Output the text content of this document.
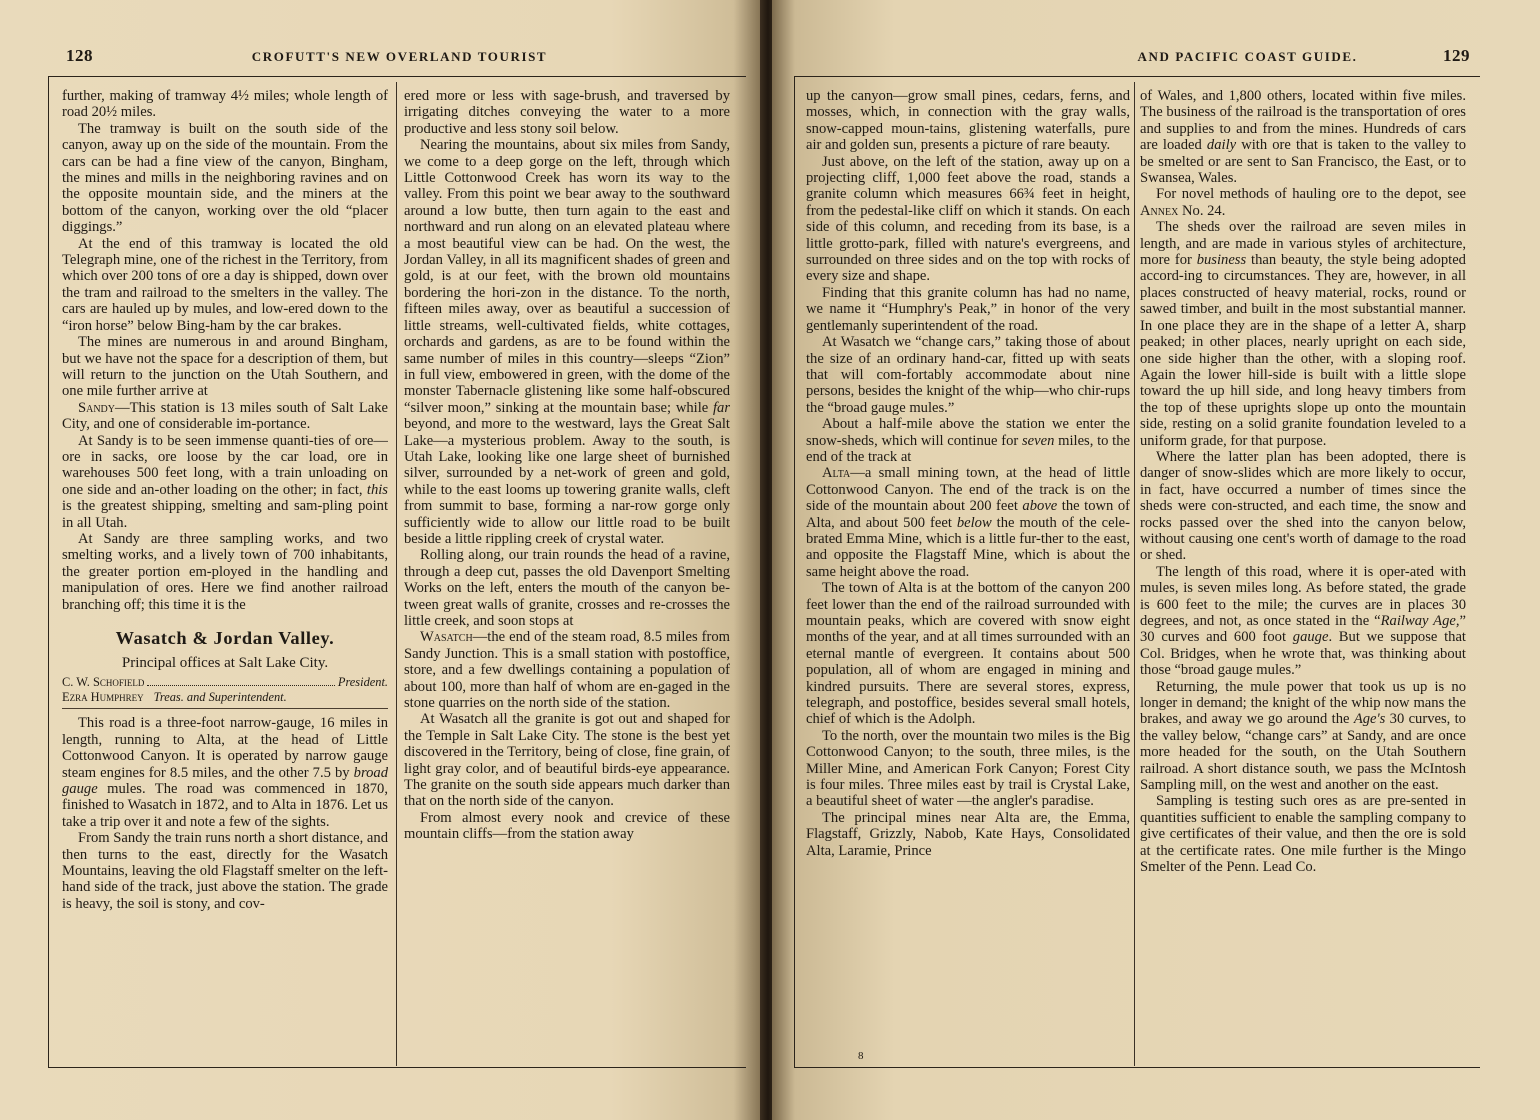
128	CROFUTT'S NEW OVERLAND TOURIST

further, making of tramway 4½ miles; whole length of road 20½ miles.

The tramway is built on the south side of the canyon, away up on the side of the mountain. From the cars can be had a fine view of the canyon, Bingham, the mines and mills in the neighboring ravines and on the opposite mountain side, and the miners at the bottom of the canyon, working over the old “placer diggings.”

At the end of this tramway is located the old Telegraph mine, one of the richest in the Territory, from which over 200 tons of ore a day is shipped, down over the tram and railroad to the smelters in the valley. The cars are hauled up by mules, and low-ered down to the “iron horse” below Bing-ham by the car brakes.

The mines are numerous in and around Bingham, but we have not the space for a description of them, but will return to the junction on the Utah Southern, and one mile further arrive at

Sandy—This station is 13 miles south of Salt Lake City, and one of considerable im-portance.

At Sandy is to be seen immense quanti-ties of ore—ore in sacks, ore loose by the car load, ore in warehouses 500 feet long, with a train unloading on one side and an-other loading on the other; in fact, this is the greatest shipping, smelting and sam-pling point in all Utah.

At Sandy are three sampling works, and two smelting works, and a lively town of 700 inhabitants, the greater portion em-ployed in the handling and manipulation of ores. Here we find another railroad branching off; this time it is the

Wasatch & Jordan Valley.
Principal offices at Salt Lake City.
C. W. Schofield	President.
Ezra Humphrey Treas. and Superintendent.

This road is a three-foot narrow-gauge, 16 miles in length, running to Alta, at the head of Little Cottonwood Canyon. It is operated by narrow gauge steam engines for 8.5 miles, and the other 7.5 by broad gauge mules. The road was commenced in 1870, finished to Wasatch in 1872, and to Alta in 1876. Let us take a trip over it and note a few of the sights.

From Sandy the train runs north a short distance, and then turns to the east, directly for the Wasatch Mountains, leaving the old Flagstaff smelter on the left-hand side of the track, just above the station. The grade is heavy, the soil is stony, and cov-

ered more or less with sage-brush, and traversed by irrigating ditches conveying the water to a more productive and less stony soil below.

Nearing the mountains, about six miles from Sandy, we come to a deep gorge on the left, through which Little Cottonwood Creek has worn its way to the valley. From this point we bear away to the southward around a low butte, then turn again to the east and northward and run along on an elevated plateau where a most beautiful view can be had. On the west, the Jordan Valley, in all its magnificent shades of green and gold, is at our feet, with the brown old mountains bordering the hori-zon in the distance. To the north, fifteen miles away, over as beautiful a succession of little streams, well-cultivated fields, white cottages, orchards and gardens, as are to be found within the same number of miles in this country—sleeps “Zion” in full view, embowered in green, with the dome of the monster Tabernacle glistening like some half-obscured “silver moon,” sinking at the mountain base; while far beyond, and more to the westward, lays the Great Salt Lake—a mysterious problem. Away to the south, is Utah Lake, looking like one large sheet of burnished silver, surrounded by a net-work of green and gold, while to the east looms up towering granite walls, cleft from summit to base, forming a nar-row gorge only sufficiently wide to allow our little road to be built beside a little rippling creek of crystal water.

Rolling along, our train rounds the head of a ravine, through a deep cut, passes the old Davenport Smelting Works on the left, enters the mouth of the canyon be-tween great walls of granite, crosses and re-crosses the little creek, and soon stops at

Wasatch—the end of the steam road, 8.5 miles from Sandy Junction. This is a small station with postoffice, store, and a few dwellings containing a population of about 100, more than half of whom are en-gaged in the stone quarries on the north side of the station.

At Wasatch all the granite is got out and shaped for the Temple in Salt Lake City. The stone is the best yet discovered in the Territory, being of close, fine grain, of light gray color, and of beautiful birds-eye appearance. The granite on the south side appears much darker than that on the north side of the canyon.

From almost every nook and crevice of these mountain cliffs—from the station away

AND PACIFIC COAST GUIDE.	129

up the canyon—grow small pines, cedars, ferns, and mosses, which, in connection with the gray walls, snow-capped moun-tains, glistening waterfalls, pure air and golden sun, presents a picture of rare beauty.

Just above, on the left of the station, away up on a projecting cliff, 1,000 feet above the road, stands a granite column which measures 66¾ feet in height, from the pedestal-like cliff on which it stands. On each side of this column, and receding from its base, is a little grotto-park, filled with nature's evergreens, and surrounded on three sides and on the top with rocks of every size and shape.

Finding that this granite column has had no name, we name it “Humphry's Peak,” in honor of the very gentlemanly superintendent of the road.

At Wasatch we “change cars,” taking those of about the size of an ordinary hand-car, fitted up with seats that will com-fortably accommodate about nine persons, besides the knight of the whip—who chir-rups the “broad gauge mules.”

About a half-mile above the station we enter the snow-sheds, which will continue for seven miles, to the end of the track at

Alta—a small mining town, at the head of little Cottonwood Canyon. The end of the track is on the side of the mountain about 200 feet above the town of Alta, and about 500 feet below the mouth of the cele-brated Emma Mine, which is a little fur-ther to the east, and opposite the Flagstaff Mine, which is about the same height above the road.

The town of Alta is at the bottom of the canyon 200 feet lower than the end of the railroad surrounded with mountain peaks, which are covered with snow eight months of the year, and at all times surrounded with an eternal mantle of evergreen. It contains about 500 population, all of whom are engaged in mining and kindred pursuits. There are several stores, express, telegraph, and postoffice, besides several small hotels, chief of which is the Adolph.

To the north, over the mountain two miles is the Big Cottonwood Canyon; to the south, three miles, is the Miller Mine, and American Fork Canyon; Forest City is four miles. Three miles east by trail is Crystal Lake, a beautiful sheet of water —the angler's paradise.

The principal mines near Alta are, the Emma, Flagstaff, Grizzly, Nabob, Kate Hays, Consolidated Alta, Laramie, Prince

of Wales, and 1,800 others, located within five miles. The business of the railroad is the transportation of ores and supplies to and from the mines. Hundreds of cars are loaded daily with ore that is taken to the valley to be smelted or are sent to San Francisco, the East, or to Swansea, Wales.

For novel methods of hauling ore to the depot, see Annex No. 24.

The sheds over the railroad are seven miles in length, and are made in various styles of architecture, more for business than beauty, the style being adopted accord-ing to circumstances. They are, however, in all places constructed of heavy material, rocks, round or sawed timber, and built in the most substantial manner. In one place they are in the shape of a letter A, sharp peaked; in other places, nearly upright on each side, one side higher than the other, with a sloping roof. Again the lower hill-side is built with a little slope toward the up hill side, and long heavy timbers from the top of these uprights slope up onto the mountain side, resting on a solid granite foundation leveled to a uniform grade, for that purpose.

Where the latter plan has been adopted, there is danger of snow-slides which are more likely to occur, in fact, have occurred a number of times since the sheds were con-structed, and each time, the snow and rocks passed over the shed into the canyon below, without causing one cent's worth of damage to the road or shed.

The length of this road, where it is oper-ated with mules, is seven miles long. As before stated, the grade is 600 feet to the mile; the curves are in places 30 degrees, and not, as once stated in the “Railway Age,” 30 curves and 600 foot gauge. But we suppose that Col. Bridges, when he wrote that, was thinking about those “broad gauge mules.”

Returning, the mule power that took us up is no longer in demand; the knight of the whip now mans the brakes, and away we go around the Age's 30 curves, to the valley below, “change cars” at Sandy, and are once more headed for the south, on the Utah Southern railroad. A short distance south, we pass the McIntosh Sampling mill, on the west and another on the east.

Sampling is testing such ores as are pre-sented in quantities sufficient to enable the sampling company to give certificates of their value, and then the ore is sold at the certificate rates. One mile further is the Mingo Smelter of the Penn. Lead Co.

8
